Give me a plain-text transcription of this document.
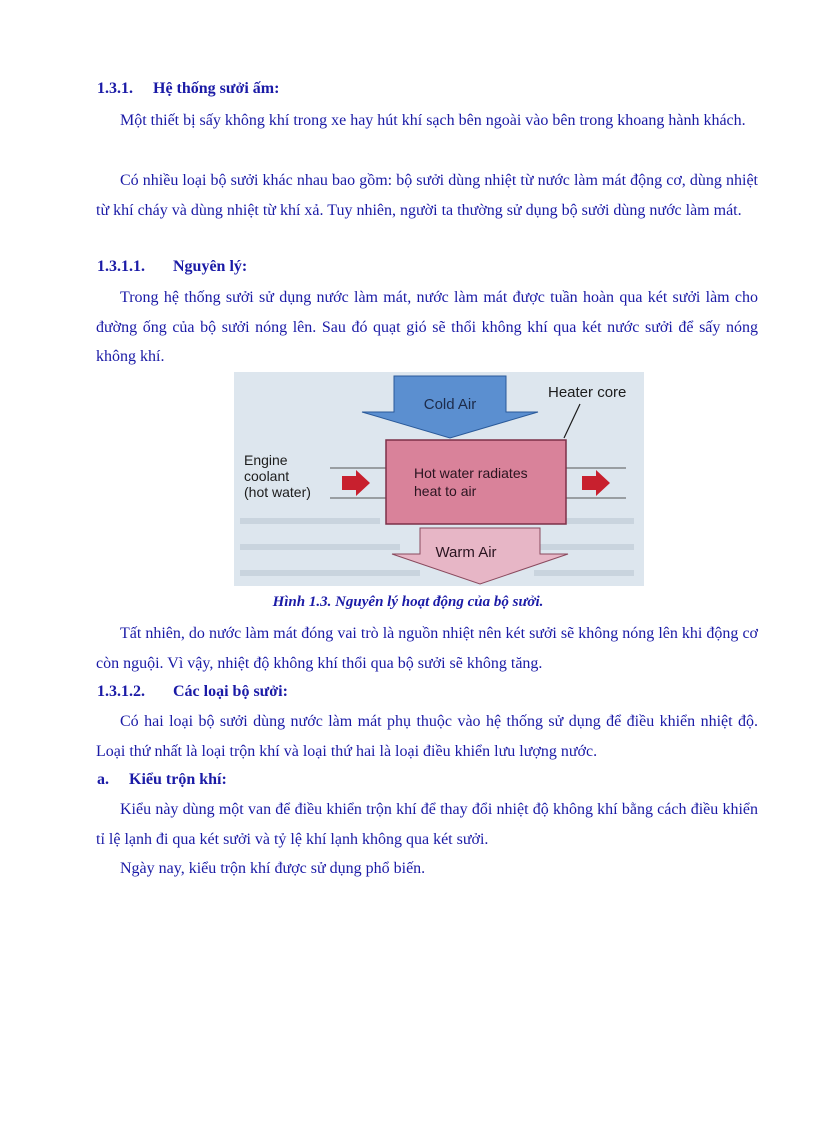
1.3.1. Hệ thống sưởi ấm:
Một thiết bị sấy không khí trong xe hay hút khí sạch bên ngoài vào bên trong khoang hành khách.
Có nhiều loại bộ sưởi khác nhau bao gồm: bộ sưởi dùng nhiệt từ nước làm mát động cơ, dùng nhiệt từ khí cháy và dùng nhiệt từ khí xả. Tuy nhiên, người ta thường sử dụng bộ sưởi dùng nước làm mát.
1.3.1.1. Nguyên lý:
Trong hệ thống sưởi sử dụng nước làm mát, nước làm mát được tuần hoàn qua két sưởi làm cho đường ống của bộ sưởi nóng lên. Sau đó quạt gió sẽ thổi không khí qua két nước sưởi để sấy nóng không khí.
Cold Air
Heater core
Hot water radiates
heat to air
Engine
coolant
(hot water)
Warm Air
Hình 1.3. Nguyên lý hoạt động của bộ sưởi.
Tất nhiên, do nước làm mát đóng vai trò là nguồn nhiệt nên két sưởi sẽ không nóng lên khi động cơ còn nguội. Vì vậy, nhiệt độ không khí thổi qua bộ sưởi sẽ không tăng.
1.3.1.2. Các loại bộ sưởi:
Có hai loại bộ sưởi dùng nước làm mát phụ thuộc vào hệ thống sử dụng để điều khiển nhiệt độ. Loại thứ nhất là loại trộn khí và loại thứ hai là loại điều khiển lưu lượng nước.
a. Kiểu trộn khí:
Kiểu này dùng một van để điều khiển trộn khí để thay đổi nhiệt độ không khí bằng cách điều khiển tỉ lệ lạnh đi qua két sưởi và tỷ lệ khí lạnh không qua két sưởi.
Ngày nay, kiểu trộn khí được sử dụng phổ biến.
